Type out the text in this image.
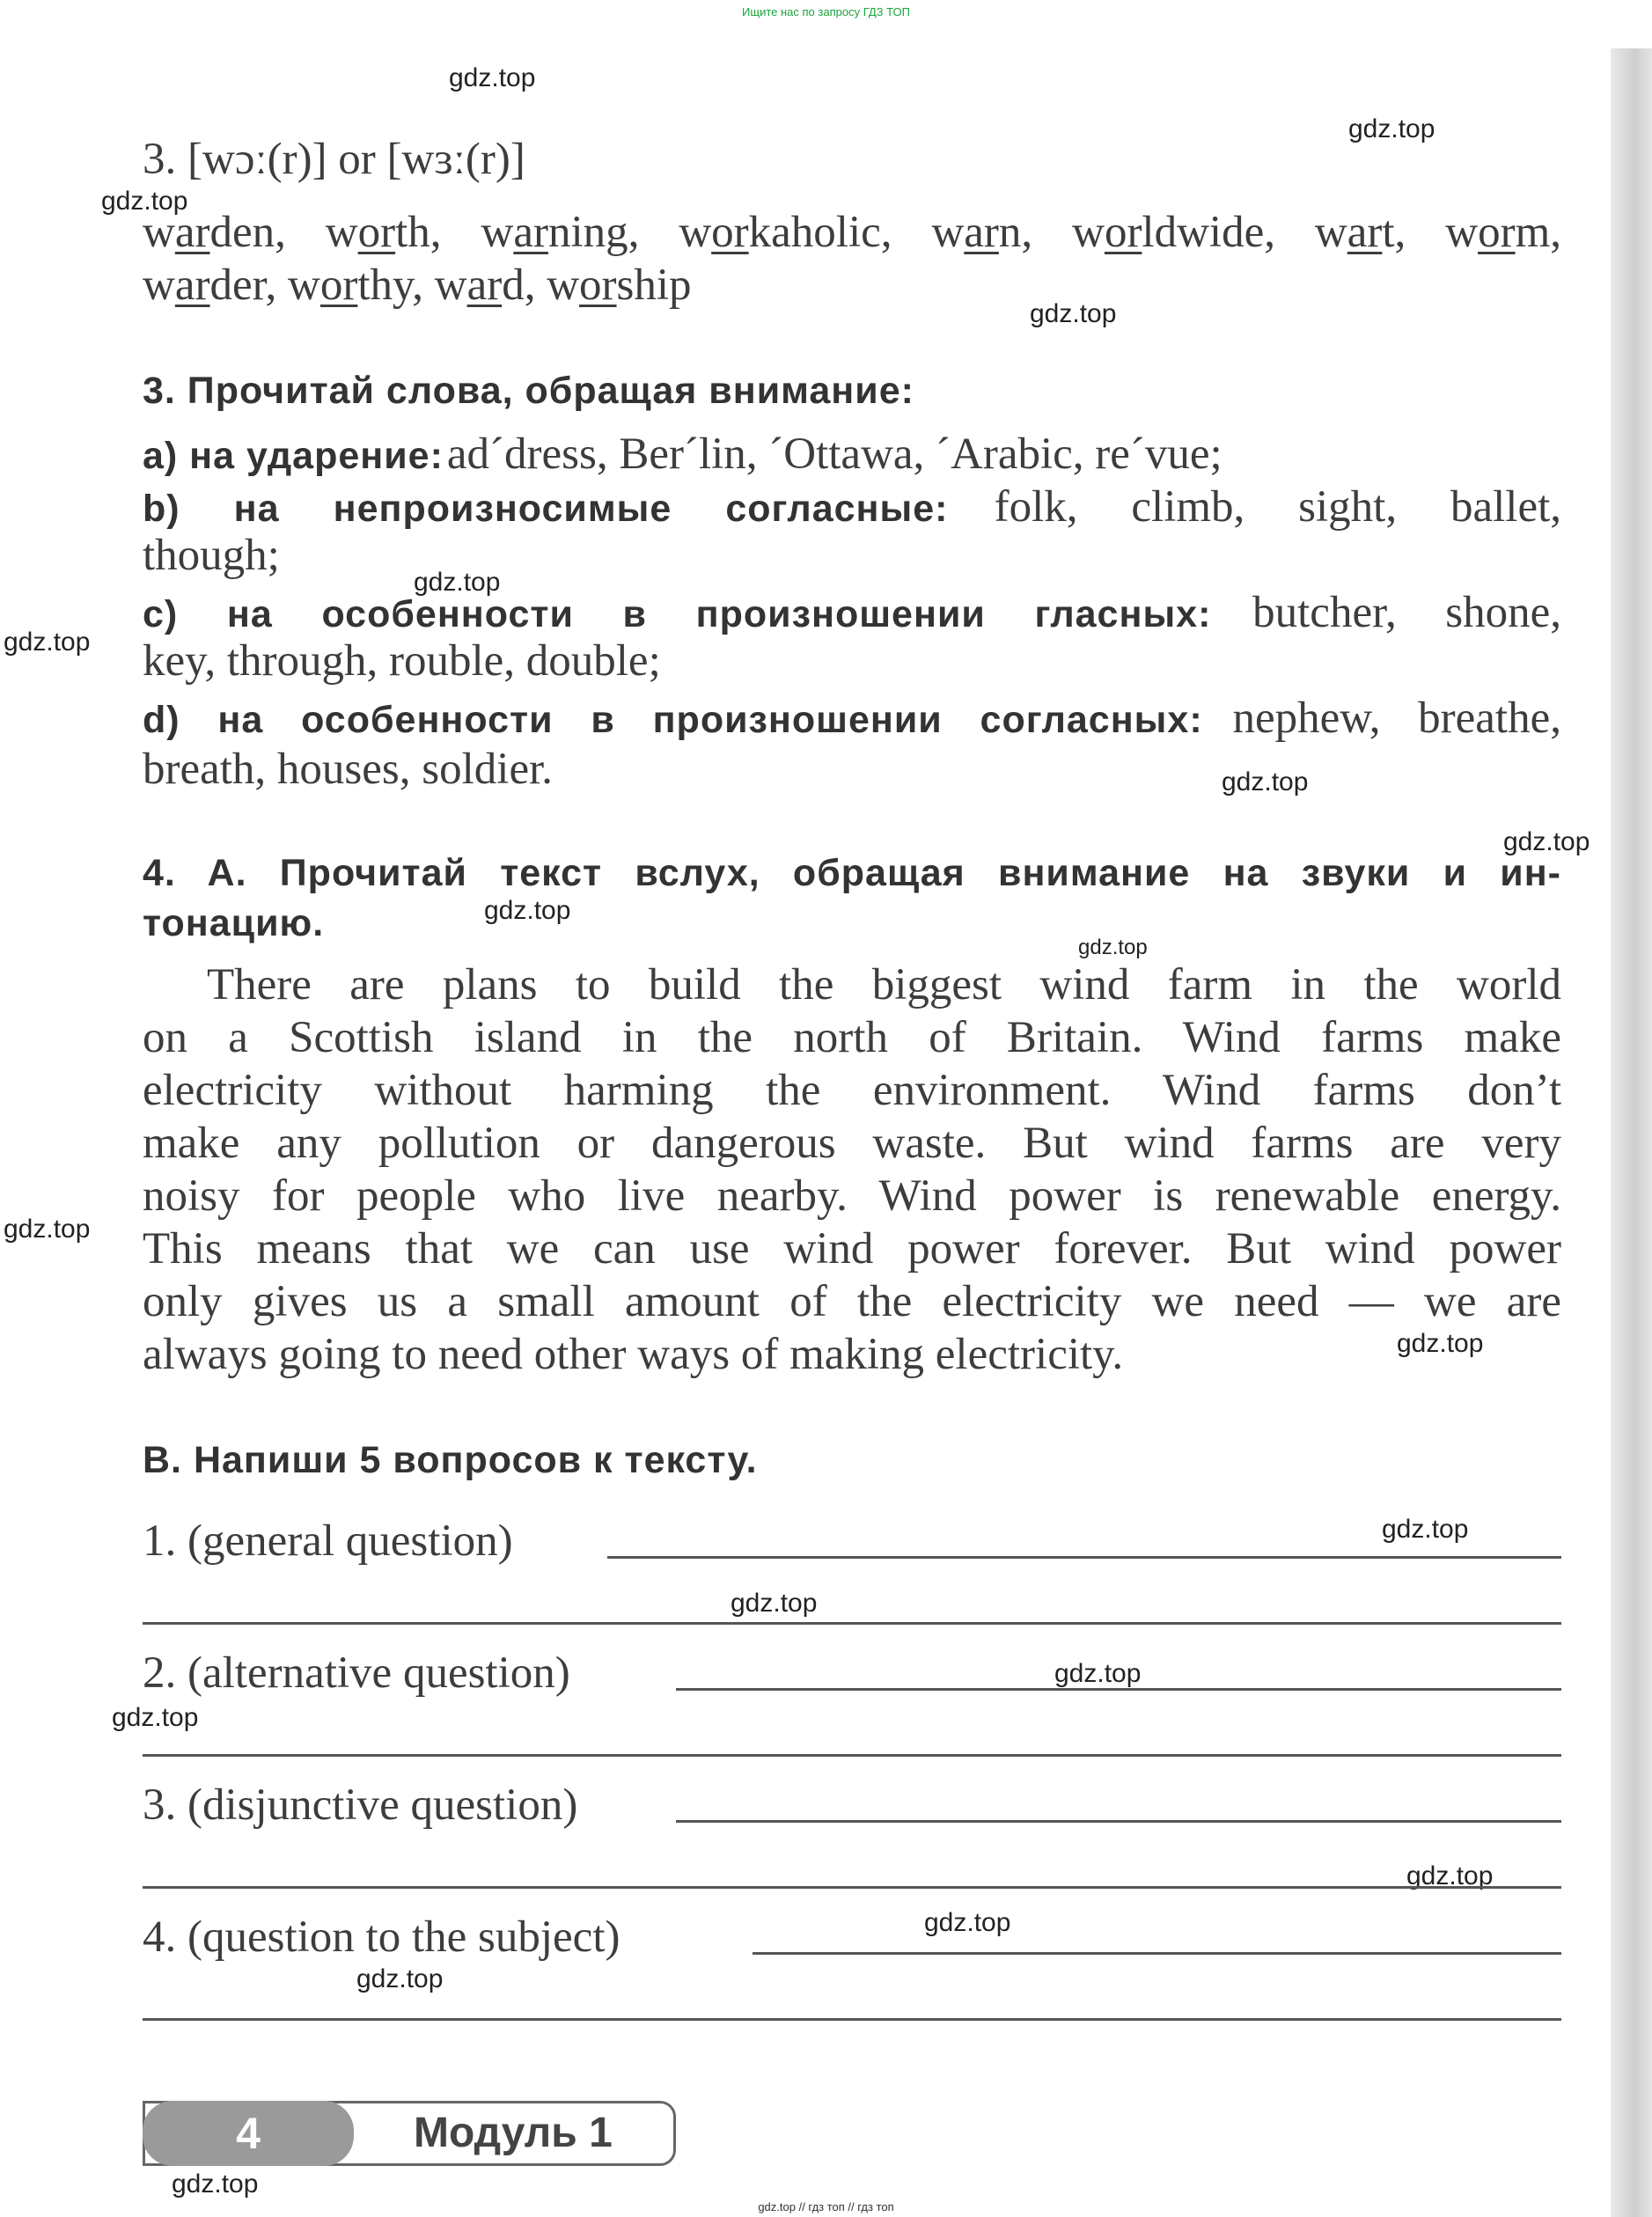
Ищите нас по запросу ГДЗ ТОП
gdz.top
gdz.top
gdz.top
gdz.top
gdz.top
gdz.top
gdz.top
gdz.top
gdz.top
gdz.top
gdz.top
gdz.top
gdz.top
gdz.top
gdz.top
gdz.top
gdz.top
gdz.top
gdz.top
gdz.top
3. [wɔː(r)] or [wɜː(r)]
warden, worth, warning, workaholic, warn, worldwide, wart, worm,
warder, worthy, ward, worship
3. Прочитай слова, обращая внимание:
a) на ударение: ad´dress, Ber´lin, ´Ottawa, ´Arabic, re´vue;
b) на непроизносимые согласные: folk, climb, sight, ballet,
though;
c) на особенности в произношении гласных: butcher, shone,
key, through, rouble, double;
d) на особенности в произношении согласных: nephew, breathe,
breath, houses, soldier.
4. A. Прочитай текст вслух, обращая внимание на звуки и ин-
тонацию.
There are plans to build the biggest wind farm in the world
on a Scottish island in the north of Britain. Wind farms make
electricity without harming the environment. Wind farms don’t
make any pollution or dangerous waste. But wind farms are very
noisy for people who live nearby. Wind power is renewable energy.
This means that we can use wind power forever. But wind power
only gives us a small amount of the electricity we need — we are
always going to need other ways of making electricity.
B. Напиши 5 вопросов к тексту.
1. (general question)
2. (alternative question)
3. (disjunctive question)
4. (question to the subject)
4	Модуль 1
gdz.top // гдз топ // гдз топ
